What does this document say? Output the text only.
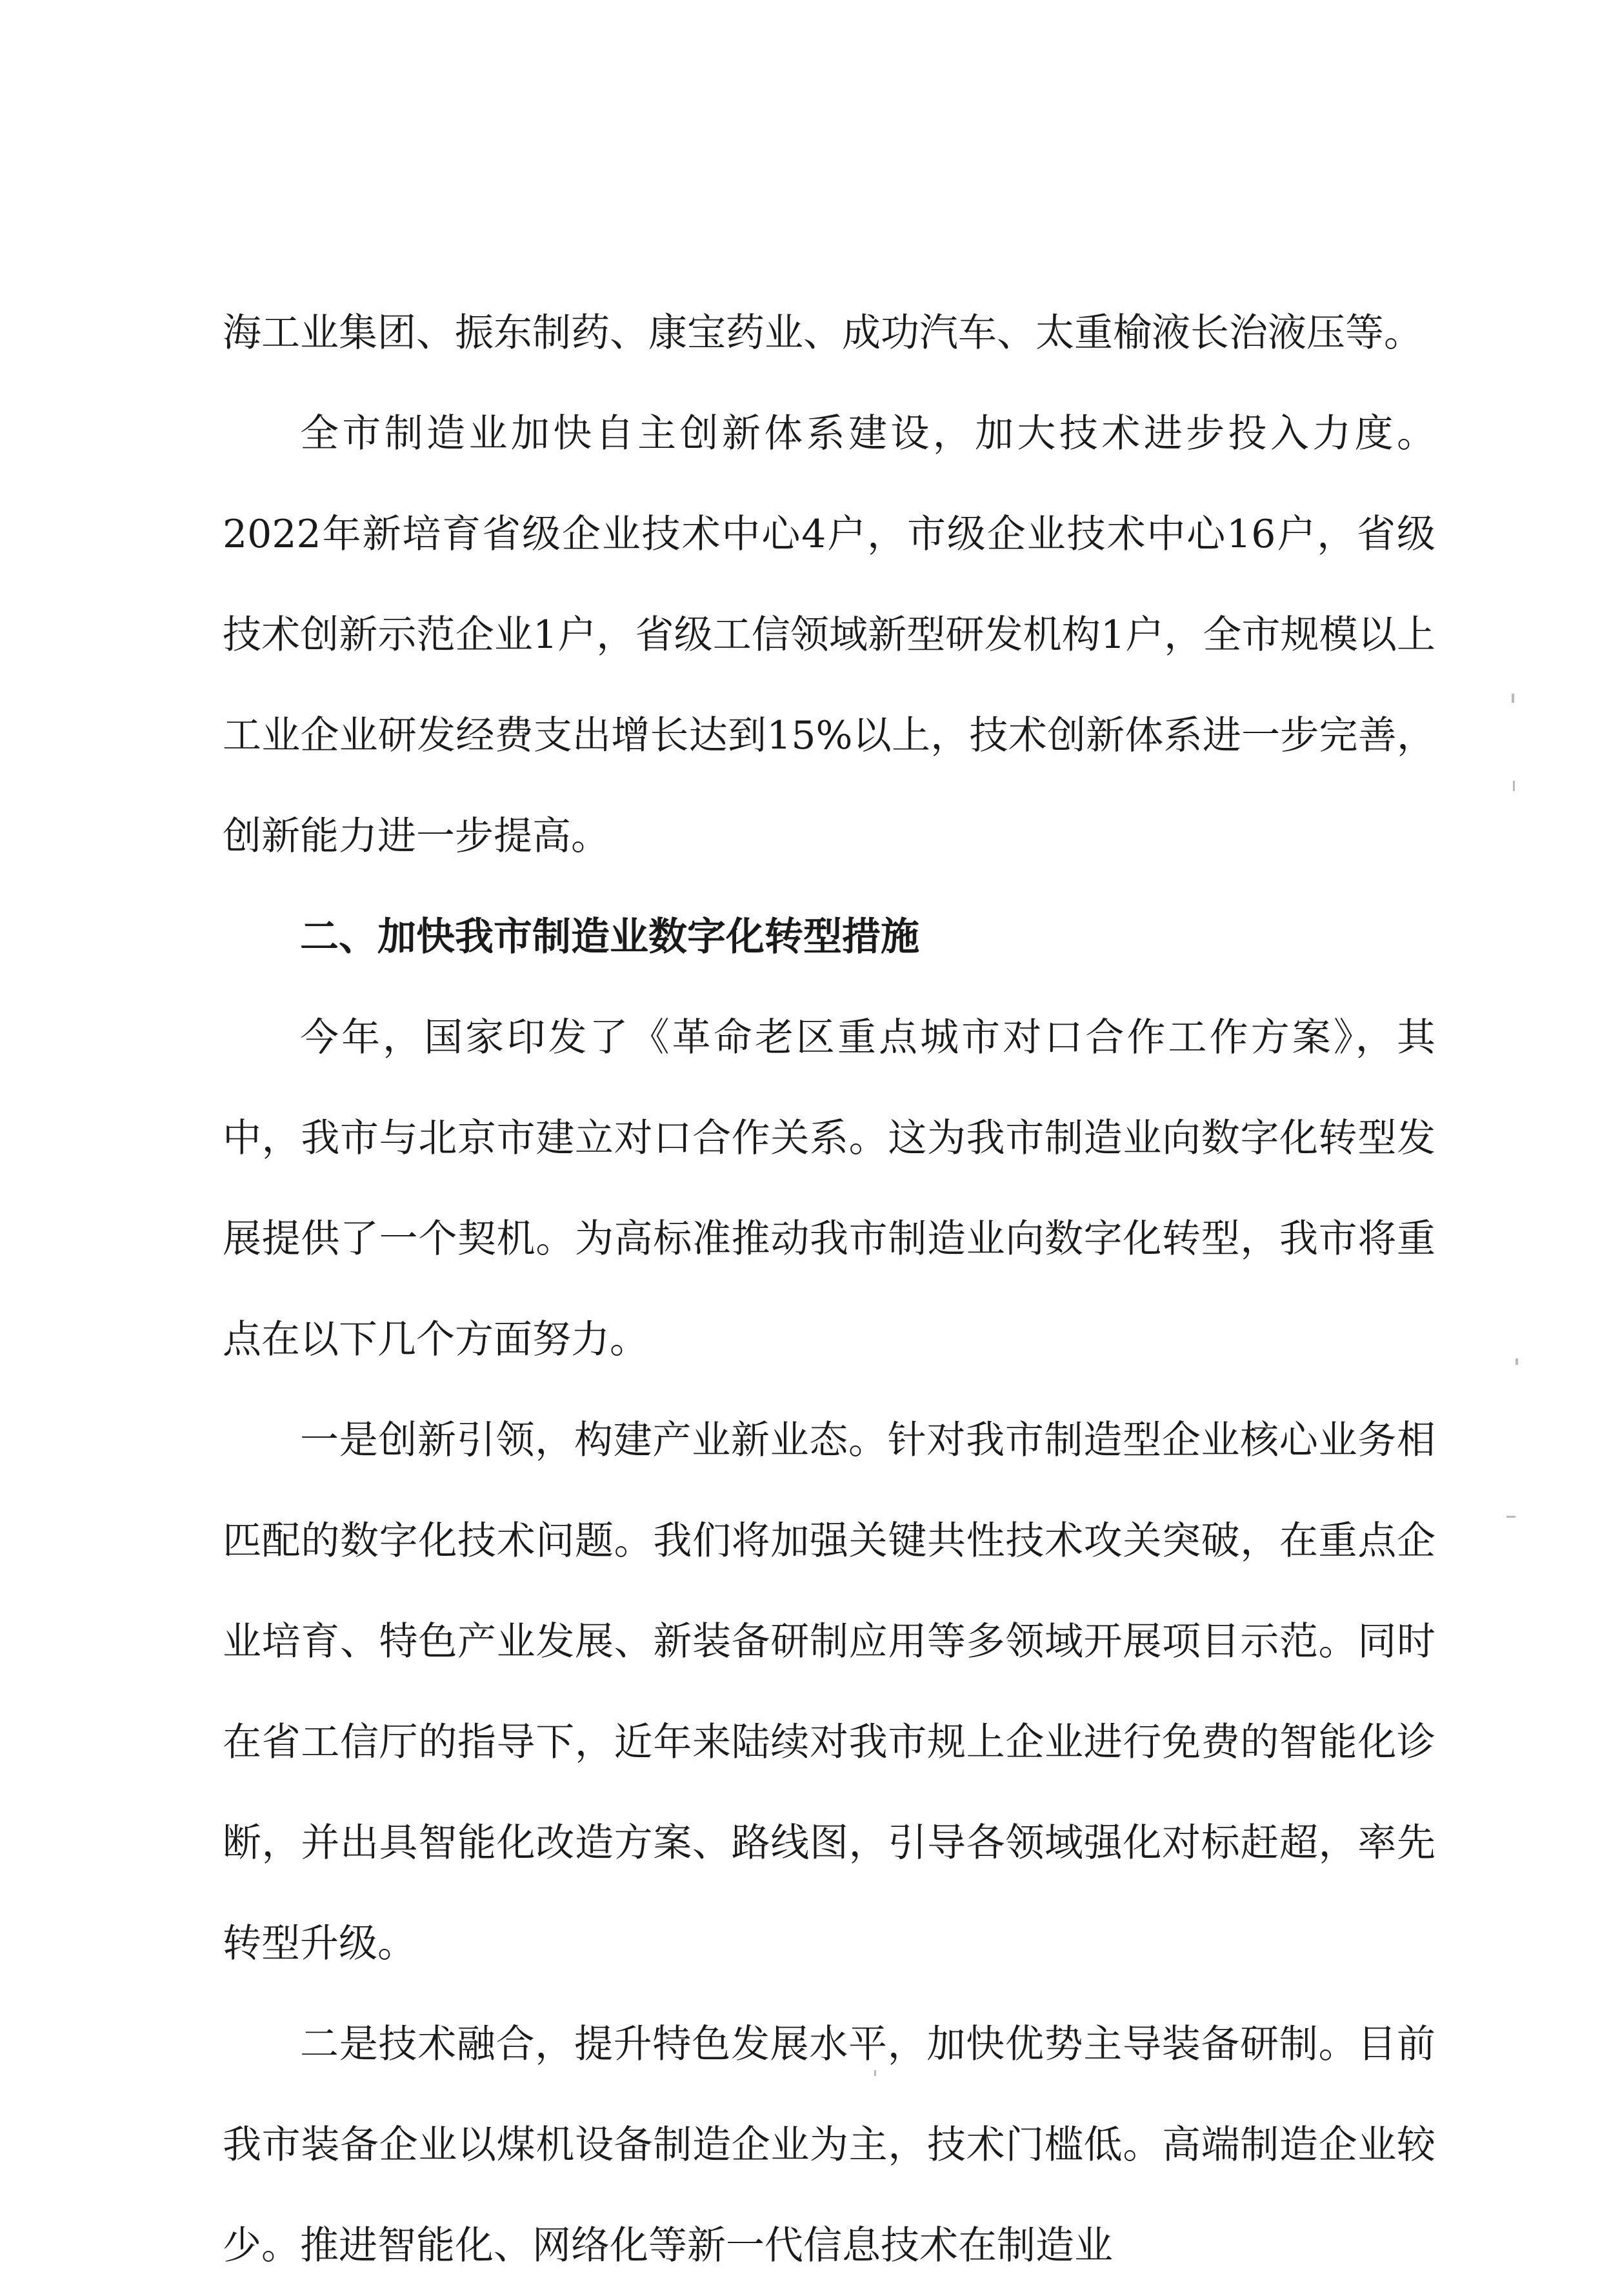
海工业集团、振东制药、康宝药业、成功汽车、太重榆液长治液压等。

全市制造业加快自主创新体系建设，加大技术进步投入力度。2022年新培育省级企业技术中心4户，市级企业技术中心16户，省级技术创新示范企业1户，省级工信领域新型研发机构1户，全市规模以上工业企业研发经费支出增长达到15%以上，技术创新体系进一步完善，创新能力进一步提高。

二、加快我市制造业数字化转型措施

今年，国家印发了《革命老区重点城市对口合作工作方案》，其中，我市与北京市建立对口合作关系。这为我市制造业向数字化转型发展提供了一个契机。为高标准推动我市制造业向数字化转型，我市将重点在以下几个方面努力。

一是创新引领，构建产业新业态。针对我市制造型企业核心业务相匹配的数字化技术问题。我们将加强关键共性技术攻关突破，在重点企业培育、特色产业发展、新装备研制应用等多领域开展项目示范。同时在省工信厅的指导下，近年来陆续对我市规上企业进行免费的智能化诊断，并出具智能化改造方案、路线图，引导各领域强化对标赶超，率先转型升级。

二是技术融合，提升特色发展水平，加快优势主导装备研制。目前我市装备企业以煤机设备制造企业为主，技术门槛低。高端制造企业较少。推进智能化、网络化等新一代信息技术在制造业
